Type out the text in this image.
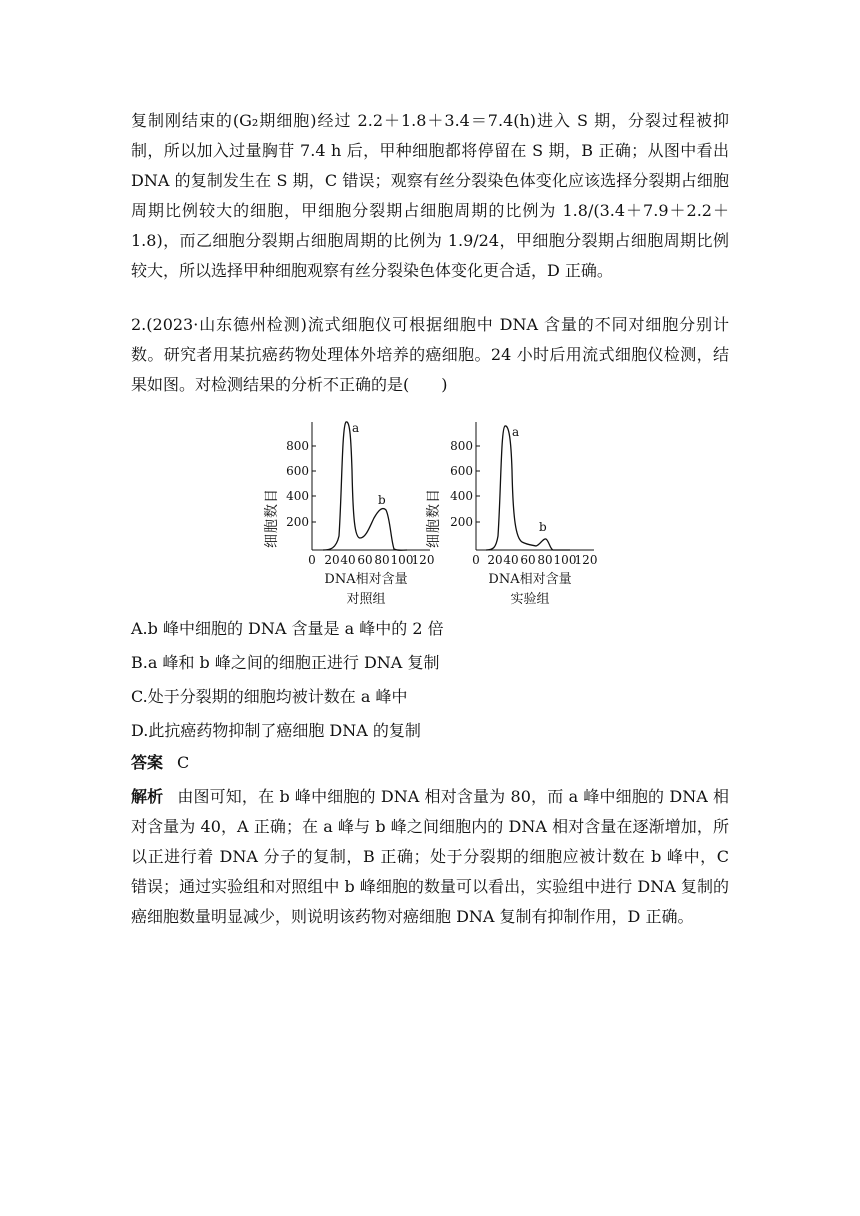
复制刚结束的(G₂期细胞)经过 2.2＋1.8＋3.4＝7.4(h)进入 S 期，分裂过程被抑制，所以加入过量胸苷 7.4 h 后，甲种细胞都将停留在 S 期，B 正确；从图中看出 DNA 的复制发生在 S 期，C 错误；观察有丝分裂染色体变化应该选择分裂期占细胞周期比例较大的细胞，甲细胞分裂期占细胞周期的比例为 1.8/(3.4＋7.9＋2.2＋1.8)，而乙细胞分裂期占细胞周期的比例为 1.9/24，甲细胞分裂期占细胞周期比例较大，所以选择甲种细胞观察有丝分裂染色体变化更合适，D 正确。

2.(2023·山东德州检测)流式细胞仪可根据细胞中 DNA 含量的不同对细胞分别计数。研究者用某抗癌药物处理体外培养的癌细胞。24 小时后用流式细胞仪检测，结果如图。对检测结果的分析不正确的是(　　)

细胞数目 200
400
600
800
a
b
0 20 40 60 80 100
120
DNA相对含量
对照组
细胞数目 200
400
600
800
a
b
0 20 40 60 80 100
120
DNA相对含量
实验组

A.b 峰中细胞的 DNA 含量是 a 峰中的 2 倍

B.a 峰和 b 峰之间的细胞正进行 DNA 复制

C.处于分裂期的细胞均被计数在 a 峰中

D.此抗癌药物抑制了癌细胞 DNA 的复制

答案 C

解析 由图可知，在 b 峰中细胞的 DNA 相对含量为 80，而 a 峰中细胞的 DNA 相对含量为 40，A 正确；在 a 峰与 b 峰之间细胞内的 DNA 相对含量在逐渐增加，所以正进行着 DNA 分子的复制，B 正确；处于分裂期的细胞应被计数在 b 峰中，C 错误；通过实验组和对照组中 b 峰细胞的数量可以看出，实验组中进行 DNA 复制的癌细胞数量明显减少，则说明该药物对癌细胞 DNA 复制有抑制作用，D 正确。
